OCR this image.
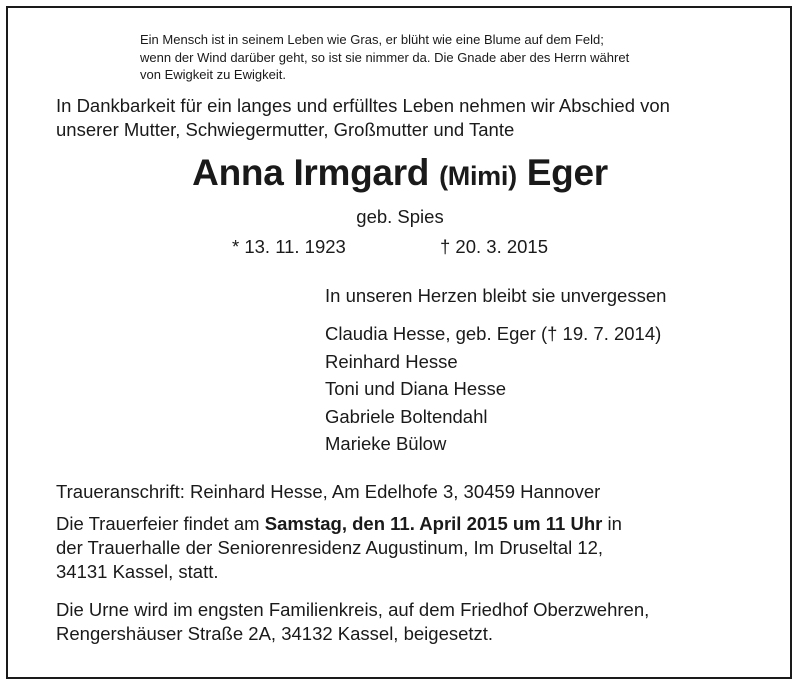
Ein Mensch ist in seinem Leben wie Gras, er blüht wie eine Blume auf dem Feld;
wenn der Wind darüber geht, so ist sie nimmer da. Die Gnade aber des Herrn währet
von Ewigkeit zu Ewigkeit.
In Dankbarkeit für ein langes und erfülltes Leben nehmen wir Abschied von
unserer Mutter, Schwiegermutter, Großmutter und Tante
Anna Irmgard (Mimi) Eger
geb. Spies
* 13. 11. 1923	† 20. 3. 2015
In unseren Herzen bleibt sie unvergessen
Claudia Hesse, geb. Eger († 19. 7. 2014)
Reinhard Hesse
Toni und Diana Hesse
Gabriele Boltendahl
Marieke Bülow
Traueranschrift: Reinhard Hesse, Am Edelhofe 3, 30459 Hannover
Die Trauerfeier findet am Samstag, den 11. April 2015 um 11 Uhr in
der Trauerhalle der Seniorenresidenz Augustinum, Im Druseltal 12,
34131 Kassel, statt.
Die Urne wird im engsten Familienkreis, auf dem Friedhof Oberzwehren,
Rengershäuser Straße 2A, 34132 Kassel, beigesetzt.
